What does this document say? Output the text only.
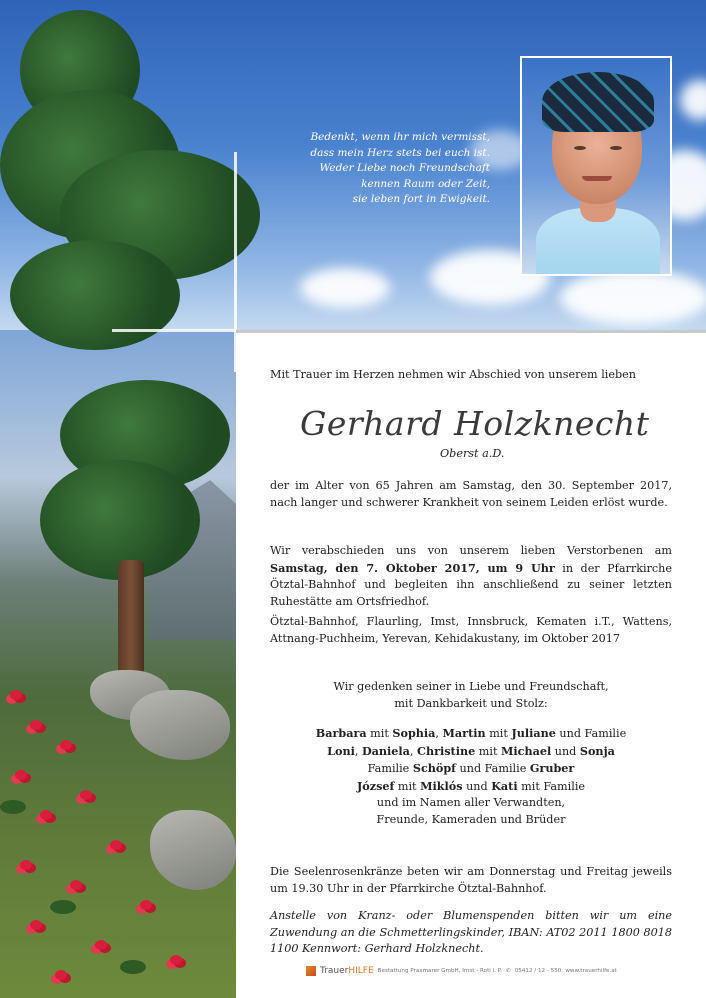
Bedenkt, wenn ihr mich vermisst,
dass mein Herz stets bei euch ist.
Weder Liebe noch Freundschaft
kennen Raum oder Zeit,
sie leben fort in Ewigkeit.
Mit Trauer im Herzen nehmen wir Abschied von unserem lieben
Gerhard Holzknecht
Oberst a.D.
der im Alter von 65 Jahren am Samstag, den 30. September 2017, nach langer und schwerer Krankheit von seinem Leiden erlöst wurde.
Wir verabschieden uns von unserem lieben Verstorbenen am Samstag, den 7. Oktober 2017, um 9 Uhr in der Pfarrkirche Ötztal-Bahnhof und begleiten ihn anschließend zu seiner letzten Ruhestätte am Ortsfriedhof.
Ötztal-Bahnhof, Flaurling, Imst, Innsbruck, Kematen i.T., Wattens, Attnang-Puchheim, Yerevan, Kehidakustany, im Oktober 2017
Wir gedenken seiner in Liebe und Freundschaft,
mit Dankbarkeit und Stolz:
Barbara mit Sophia, Martin mit Juliane und Familie
Loni, Daniela, Christine mit Michael und Sonja
Familie Schöpf und Familie Gruber
József mit Miklós und Kati mit Familie
und im Namen aller Verwandten,
Freunde, Kameraden und Brüder
Die Seelenrosenkränze beten wir am Donnerstag und Freitag jeweils um 19.30 Uhr in der Pfarrkirche Ötztal-Bahnhof.
Anstelle von Kranz- oder Blumenspenden bitten wir um eine Zuwendung an die Schmetterlingskinder, IBAN: AT02 2011 1800 8018 1100 Kennwort: Gerhard Holzknecht.
TrauerHILFE Bestattung Praxmarer GmbH, Imst - Roti i. P. ✆ 05412 / 12 - 550 www.trauerhilfe.at
